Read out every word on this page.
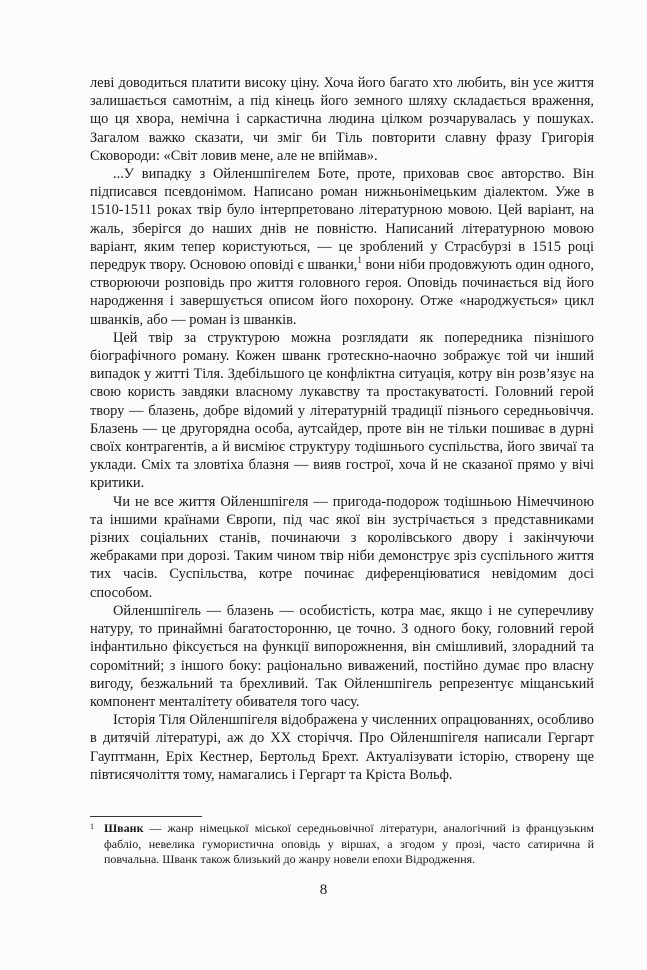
леві доводиться платити високу ціну. Хоча його багато хто любить, він усе життя залишається самотнім, а під кінець його земного шляху складається враження, що ця хвора, немічна і саркастична людина цілком розчарувалась у пошуках. Загалом важко сказати, чи зміг би Тіль повторити славну фразу Григорія Сковороди: «Світ ловив мене, але не впіймав».

...У випадку з Ойленшпігелем Боте, проте, приховав своє авторство. Він підписався псевдонімом. Написано роман нижньонімецьким діалектом. Уже в 1510-1511 роках твір було інтерпретовано літературною мовою. Цей варіант, на жаль, зберігся до наших днів не повністю. Написаний літературною мовою варіант, яким тепер користуються, — це зроблений у Страсбурзі в 1515 році передрук твору. Основою оповіді є шванки,$^1$ вони ніби продовжують один одного, створюючи розповідь про життя головного героя. Оповідь починається від його народження і завершується описом його похорону. Отже «народжується» цикл шванків, або — роман із шванків.

Цей твір за структурою можна розглядати як попередника пізнішого біографічного роману. Кожен шванк гротескно-наочно зображує той чи інший випадок у житті Тіля. Здебільшого це конфліктна ситуація, котру він розв’язує на свою користь завдяки власному лукавству та простакуватості. Головний герой твору — блазень, добре відомий у літературній традиції пізнього середньовіччя. Блазень — це другорядна особа, аутсайдер, проте він не тільки пошиває в дурні своїх контрагентів, а й висміює структуру тодішнього суспільства, його звичаї та уклади. Сміх та зловтіха блазня — вияв гострої, хоча й не сказаної прямо у вічі критики.

Чи не все життя Ойленшпігеля — пригода-подорож тодішньою Німеччиною та іншими країнами Європи, під час якої він зустрічається з представниками різних соціальних станів, починаючи з королівського двору і закінчуючи жебраками при дорозі. Таким чином твір ніби демонструє зріз суспільного життя тих часів. Суспільства, котре починає диференціюватися невідомим досі способом.

Ойленшпігель — блазень — особистість, котра має, якщо і не суперечливу натуру, то принаймні багатосторонню, це точно. З одного боку, головний герой інфантильно фіксується на функції випорожнення, він смішливий, злорадний та соромітний; з іншого боку: раціонально виважений, постійно думає про власну вигоду, безжальний та брехливий. Так Ойленшпігель репрезентує міщанський компонент менталітету обивателя того часу.

Історія Тіля Ойленшпігеля відображена у численних опрацюваннях, особливо в дитячій літературі, аж до XX сторіччя. Про Ойленшпігеля написали Гергарт Гауптманн, Еріх Кестнер, Бертольд Брехт. Актуалізувати історію, створену ще півтисячоліття тому, намагались і Гергарт та Кріста Вольф.

1 Шванк — жанр німецької міської середньовічної літератури, аналогічний із французьким фабліо, невелика гумористична оповідь у віршах, а згодом у прозі, часто сатирична й повчальна. Шванк також близький до жанру новели епохи Відродження.

8
